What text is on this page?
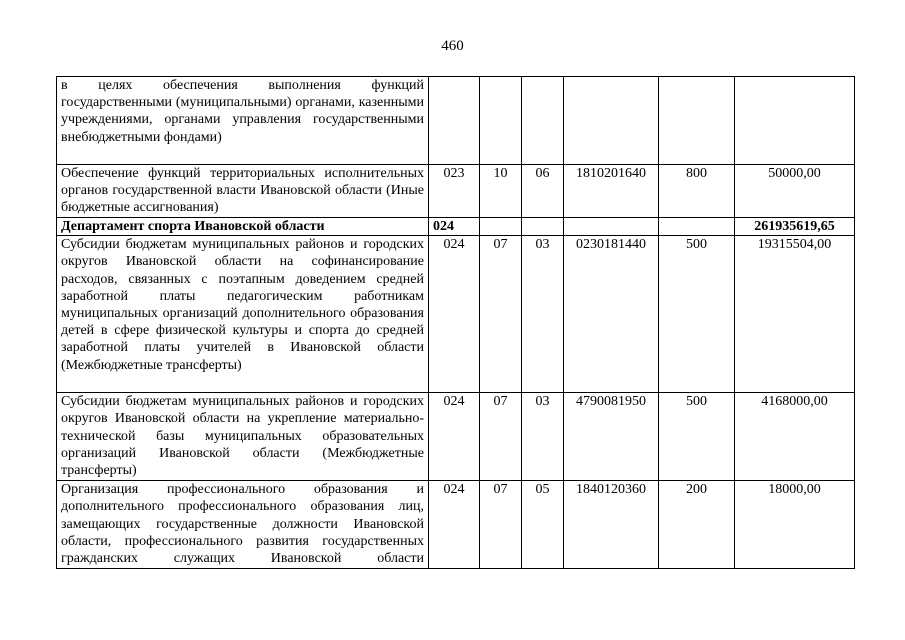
460
в целях обеспечения выполнения функций государственными (муниципальными) органами, казенными учреждениями, органами управления государственными внебюджетными фондами)						
Обеспечение функций территориальных исполнительных органов государственной власти Ивановской области (Иные бюджетные ассигнования)	023	10	06	1810201640	800	50000,00
Департамент спорта Ивановской области	024					261935619,65
Субсидии бюджетам муниципальных районов и городских округов Ивановской области на софинансирование расходов, связанных с поэтапным доведением средней заработной платы педагогическим работникам муниципальных организаций дополнительного образования детей в сфере физической культуры и спорта до средней заработной платы учителей в Ивановской области (Межбюджетные трансферты)	024	07	03	0230181440	500	19315504,00
Субсидии бюджетам муниципальных районов и городских округов Ивановской области на укрепление материально-технической базы муниципальных образовательных организаций Ивановской области (Межбюджетные трансферты)	024	07	03	4790081950	500	4168000,00
Организация профессионального образования и дополнительного профессионального образования лиц, замещающих государственные должности Ивановской области, профессионального развития государственных гражданских служащих Ивановской области	024	07	05	1840120360	200	18000,00
